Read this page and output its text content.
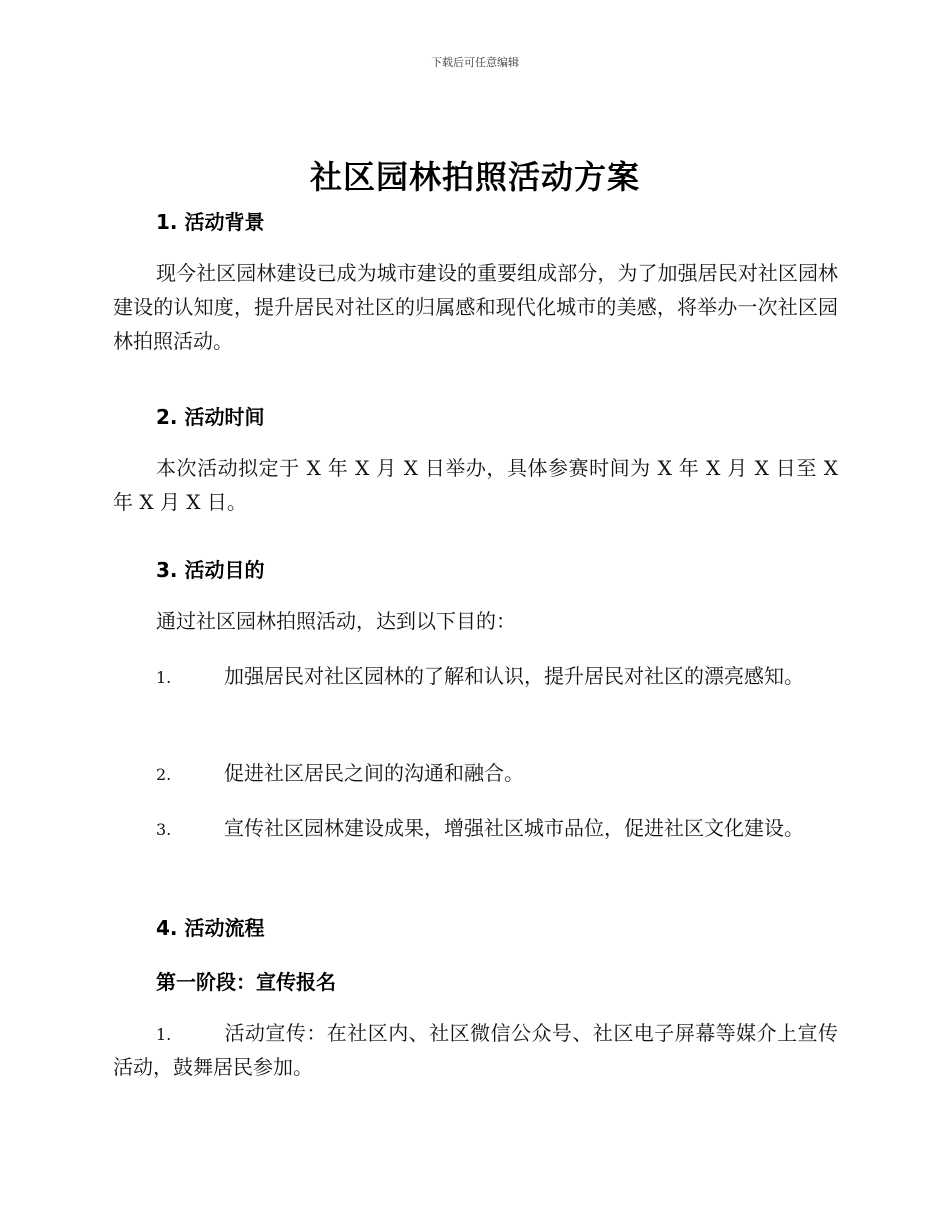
下载后可任意编辑
社区园林拍照活动方案
1. 活动背景

现今社区园林建设已成为城市建设的重要组成部分，为了加强居民对社区园林建设的认知度，提升居民对社区的归属感和现代化城市的美感，将举办一次社区园林拍照活动。

2. 活动时间

本次活动拟定于 X 年 X 月 X 日举办，具体参赛时间为 X 年 X 月 X 日至 X 年 X 月 X 日。

3. 活动目的

通过社区园林拍照活动，达到以下目的：

1.	加强居民对社区园林的了解和认识，提升居民对社区的漂亮感知。

2.	促进社区居民之间的沟通和融合。

3.	宣传社区园林建设成果，增强社区城市品位，促进社区文化建设。

4. 活动流程
第一阶段：宣传报名

1.	活动宣传：在社区内、社区微信公众号、社区电子屏幕等媒介上宣传活动，鼓舞居民参加。
